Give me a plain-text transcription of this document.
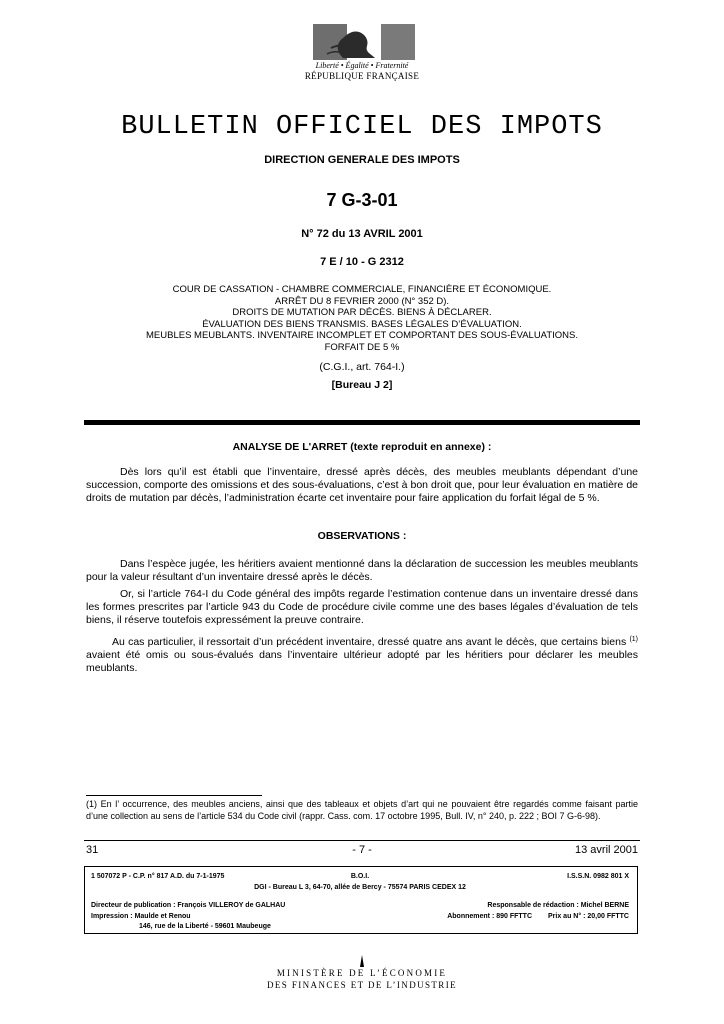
Liberté • Égalité • Fraternité
RÉPUBLIQUE FRANÇAISE
BULLETIN OFFICIEL DES IMPOTS
DIRECTION GENERALE DES IMPOTS
7 G-3-01
N° 72 du 13 AVRIL 2001
7 E / 10 - G 2312
COUR DE CASSATION - CHAMBRE COMMERCIALE, FINANCIÈRE ET ÉCONOMIQUE.
ARRÊT DU 8 FEVRIER 2000 (N° 352 D).
DROITS DE MUTATION PAR DÉCÈS. BIENS À DÉCLARER.
ÉVALUATION DES BIENS TRANSMIS. BASES LÉGALES D’ÉVALUATION.
MEUBLES MEUBLANTS. INVENTAIRE INCOMPLET ET COMPORTANT DES SOUS-ÉVALUATIONS.
FORFAIT DE 5 %
(C.G.I., art. 764-I.)
[Bureau J 2]
ANALYSE DE L'ARRET (texte reproduit en annexe) :
Dès lors qu’il est établi que l’inventaire, dressé après décès, des meubles meublants dépendant d’une succession, comporte des omissions et des sous-évaluations, c’est à bon droit que, pour leur évaluation en matière de droits de mutation par décès, l’administration écarte cet inventaire pour faire application du forfait légal de 5 %.
OBSERVATIONS :
Dans l’espèce jugée, les héritiers avaient mentionné dans la déclaration de succession les meubles meublants pour la valeur résultant d’un inventaire dressé après le décès.
Or, si l’article 764-I du Code général des impôts regarde l’estimation contenue dans un inventaire dressé dans les formes prescrites par l’article 943 du Code de procédure civile comme une des bases légales d’évaluation de tels biens, il réserve toutefois expressément la preuve contraire.
Au cas particulier, il ressortait d’un précédent inventaire, dressé quatre ans avant le décès, que certains biens $^{(1)}$ avaient été omis ou sous-évalués dans l’inventaire ultérieur adopté par les héritiers pour déclarer les meubles meublants.
(1) En l’ occurrence, des meubles anciens, ainsi que des tableaux et objets d’art qui ne pouvaient être regardés comme faisant partie d’une collection au sens de l’article 534 du Code civil (rappr. Cass. com. 17 octobre 1995, Bull. IV, n° 240, p. 222 ; BOI 7 G-6-98).
31	- 7 -	13 avril 2001
1 507072 P - C.P. n° 817 A.D. du 7-1-1975	B.O.I.	I.S.S.N. 0982 801 X
DGI - Bureau L 3, 64-70, allée de Bercy - 75574 PARIS CEDEX 12
Directeur de publication : François VILLEROY de GALHAU	Responsable de rédaction : Michel BERNE
Impression : Maulde et Renou	Abonnement : 890 FFTTC Prix au N° : 20,00 FFTTC
146, rue de la Liberté - 59601 Maubeuge
MINISTÈRE DE L’ÉCONOMIE
DES FINANCES ET DE L’INDUSTRIE
